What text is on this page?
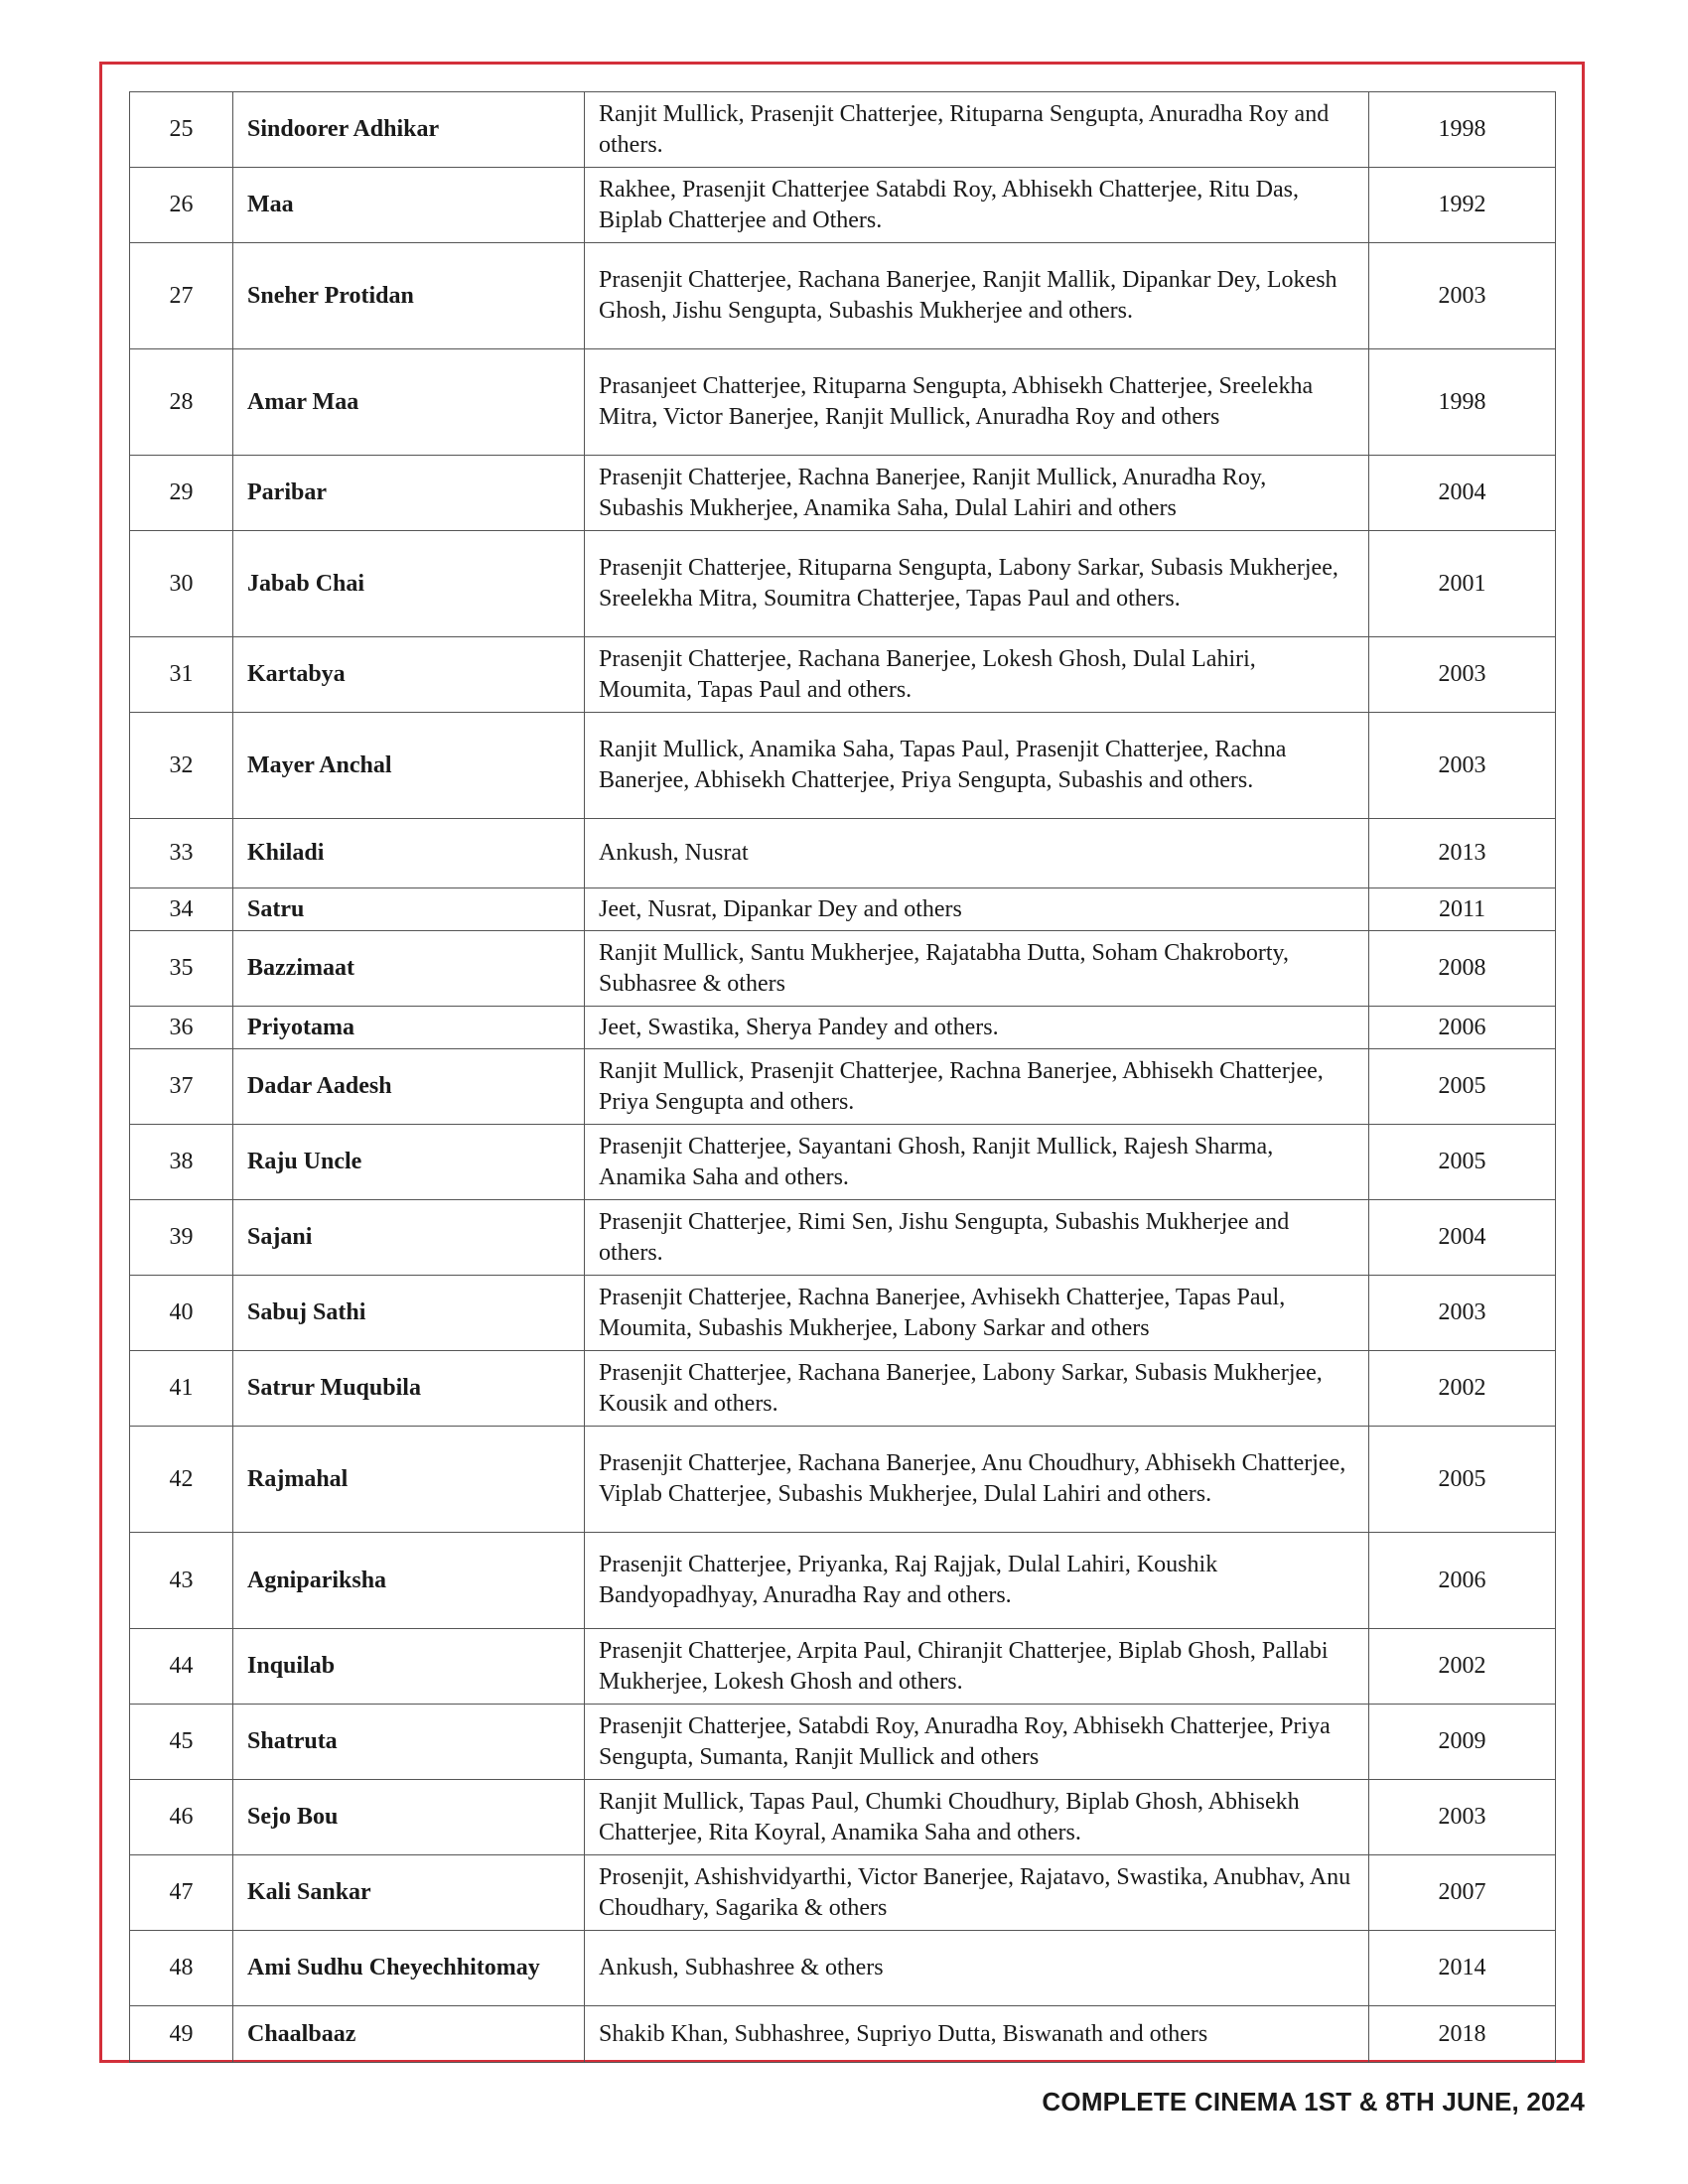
25	Sindoorer Adhikar	Ranjit Mullick, Prasenjit Chatterjee, Rituparna Sengupta, Anuradha Roy and others.	1998
26	Maa	Rakhee, Prasenjit Chatterjee Satabdi Roy, Abhisekh Chatterjee, Ritu Das, Biplab Chatterjee and Others.	1992
27	Sneher Protidan	Prasenjit Chatterjee, Rachana Banerjee, Ranjit Mallik, Dipankar Dey, Lokesh Ghosh, Jishu Sengupta, Subashis Mukherjee and others.	2003
28	Amar Maa	Prasanjeet Chatterjee, Rituparna Sengupta, Abhisekh Chatterjee, Sreelekha Mitra, Victor Banerjee, Ranjit Mullick, Anuradha Roy and others	1998
29	Paribar	Prasenjit Chatterjee, Rachna Banerjee, Ranjit Mullick, Anuradha Roy, Subashis Mukherjee, Anamika Saha, Dulal Lahiri and others	2004
30	Jabab Chai	Prasenjit Chatterjee, Rituparna Sengupta, Labony Sarkar, Subasis Mukherjee, Sreelekha Mitra, Soumitra Chatterjee, Tapas Paul and others.	2001
31	Kartabya	Prasenjit Chatterjee, Rachana Banerjee, Lokesh Ghosh, Dulal Lahiri, Moumita, Tapas Paul and others.	2003
32	Mayer Anchal	Ranjit Mullick, Anamika Saha, Tapas Paul, Prasenjit Chatterjee, Rachna Banerjee, Abhisekh Chatterjee, Priya Sengupta, Subashis and others.	2003
33	Khiladi	Ankush, Nusrat	2013
34	Satru	Jeet, Nusrat, Dipankar Dey and others	2011
35	Bazzimaat	Ranjit Mullick, Santu Mukherjee, Rajatabha Dutta, Soham Chakroborty, Subhasree & others	2008
36	Priyotama	Jeet, Swastika, Sherya Pandey and others.	2006
37	Dadar Aadesh	Ranjit Mullick, Prasenjit Chatterjee, Rachna Banerjee, Abhisekh Chatterjee, Priya Sengupta and others.	2005
38	Raju Uncle	Prasenjit Chatterjee, Sayantani Ghosh, Ranjit Mullick, Rajesh Sharma, Anamika Saha and others.	2005
39	Sajani	Prasenjit Chatterjee, Rimi Sen, Jishu Sengupta, Subashis Mukherjee and others.	2004
40	Sabuj Sathi	Prasenjit Chatterjee, Rachna Banerjee, Avhisekh Chatterjee, Tapas Paul, Moumita, Subashis Mukherjee, Labony Sarkar and others	2003
41	Satrur Muqubila	Prasenjit Chatterjee, Rachana Banerjee, Labony Sarkar, Subasis Mukherjee, Kousik and others.	2002
42	Rajmahal	Prasenjit Chatterjee, Rachana Banerjee, Anu Choudhury, Abhisekh Chatterjee, Viplab Chatterjee, Subashis Mukherjee, Dulal Lahiri and others.	2005
43	Agnipariksha	Prasenjit Chatterjee, Priyanka, Raj Rajjak, Dulal Lahiri, Koushik Bandyopadhyay, Anuradha Ray and others.	2006
44	Inquilab	Prasenjit Chatterjee, Arpita Paul, Chiranjit Chatterjee, Biplab Ghosh, Pallabi Mukherjee, Lokesh Ghosh and others.	2002
45	Shatruta	Prasenjit Chatterjee, Satabdi Roy, Anuradha Roy, Abhisekh Chatterjee, Priya Sengupta, Sumanta, Ranjit Mullick and others	2009
46	Sejo Bou	Ranjit Mullick, Tapas Paul, Chumki Choudhury, Biplab Ghosh, Abhisekh Chatterjee, Rita Koyral, Anamika Saha and others.	2003
47	Kali Sankar	Prosenjit, Ashishvidyarthi, Victor Banerjee, Rajatavo, Swastika, Anubhav, Anu Choudhary, Sagarika & others	2007
48	Ami Sudhu Cheyechhitomay	Ankush, Subhashree & others	2014
49	Chaalbaaz	Shakib Khan, Subhashree, Supriyo Dutta, Biswanath and others	2018
COMPLETE CINEMA 1ST & 8TH JUNE, 2024
